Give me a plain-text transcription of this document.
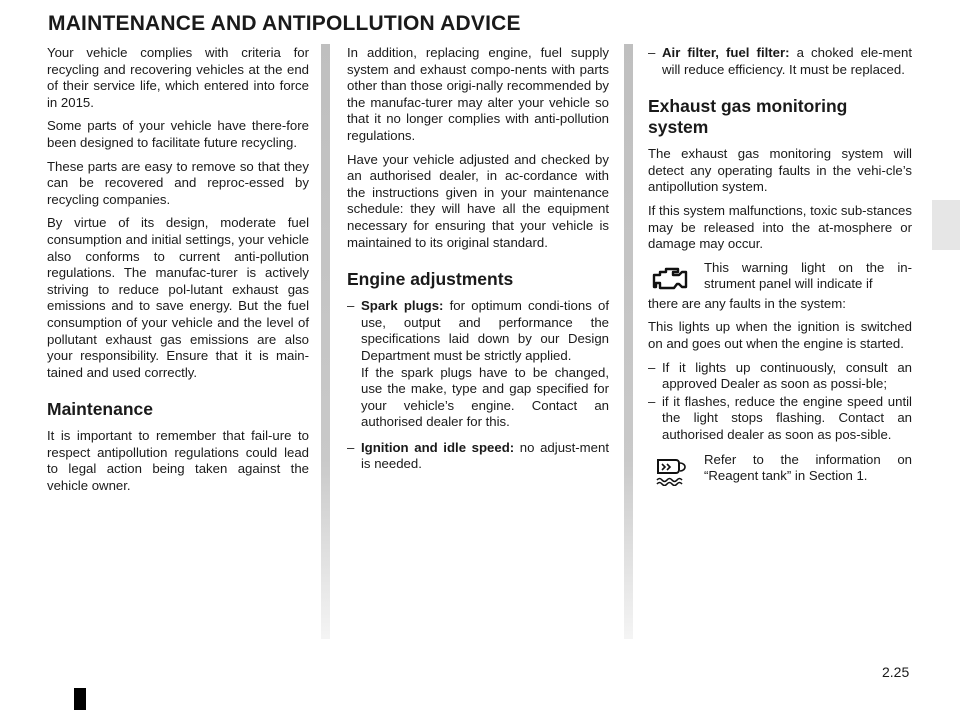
MAINTENANCE AND ANTIPOLLUTION ADVICE

Your vehicle complies with criteria for recycling and recovering vehicles at the end of their service life, which entered into force in 2015.

Some parts of your vehicle have there-fore been designed to facilitate future recycling.

These parts are easy to remove so that they can be recovered and reproc-essed by recycling companies.

By virtue of its design, moderate fuel consumption and initial settings, your vehicle also conforms to current anti-pollution regulations. The manufac-turer is actively striving to reduce pol-lutant exhaust gas emissions and to save energy. But the fuel consumption of your vehicle and the level of pollutant exhaust gas emissions are also your responsibility. Ensure that it is main-tained and used correctly.

Maintenance

It is important to remember that fail-ure to respect antipollution regulations could lead to legal action being taken against the vehicle owner.

In addition, replacing engine, fuel supply system and exhaust compo-nents with parts other than those origi-nally recommended by the manufac-turer may alter your vehicle so that it no longer complies with anti-pollution regulations.

Have your vehicle adjusted and checked by an authorised dealer, in ac-cordance with the instructions given in your maintenance schedule: they will have all the equipment necessary for ensuring that your vehicle is maintained to its original standard.

Engine adjustments
– Spark plugs: for optimum condi-tions of use, output and performance the specifications laid down by our Design Department must be strictly applied.
If the spark plugs have to be changed, use the make, type and gap specified for your vehicle’s engine. Contact an authorised dealer for this.
– Ignition and idle speed: no adjust-ment is needed.
– Air filter, fuel filter: a choked ele-ment will reduce efficiency. It must be replaced.
Exhaust gas monitoring system

The exhaust gas monitoring system will detect any operating faults in the vehi-cle’s antipollution system.

If this system malfunctions, toxic sub-stances may be released into the at-mosphere or damage may occur.

This warning light on the in-strument panel will indicate if

there are any faults in the system:

This lights up when the ignition is switched on and goes out when the engine is started.

– If it lights up continuously, consult an approved Dealer as soon as possi-ble;
– if it flashes, reduce the engine speed until the light stops flashing. Contact an authorised dealer as soon as pos-sible.
Refer to the information on “Reagent tank” in Section 1.
2.25
